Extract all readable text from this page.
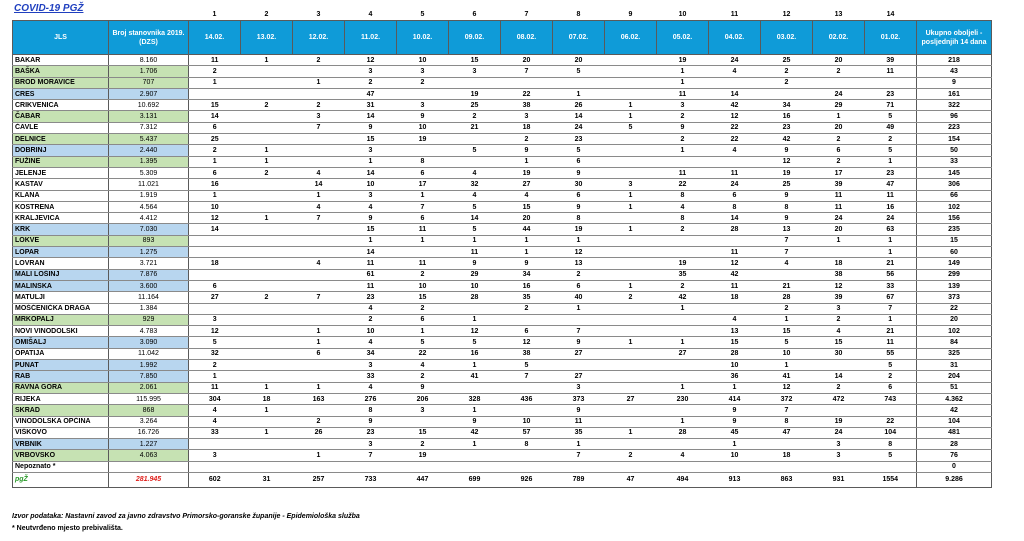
COVID-19 PGŽ
		1	2	3	4	5	6	7	8	9	10	11	12	13	14	
JLS	Broj stanovnika 2019. (DZS)	14.02.	13.02.	12.02.	11.02.	10.02.	09.02.	08.02.	07.02.	06.02.	05.02.	04.02.	03.02.	02.02.	01.02.	Ukupno oboljeli - posljednjih 14 dana
BAKAR	8.160	11	1	2	12	10	15	20	20		19	24	25	20	39	218
BAŠKA	1.706	2			3	3	3	7	5		1	4	2	2	11	43
BROD MORAVICE	707	1		1	2	2					1		2			9
CRES	2.907				47		19	22	1		11	14		24	23	161
CRIKVENICA	10.692	15	2	2	31	3	25	38	26	1	3	42	34	29	71	322
ČABAR	3.131	14		3	14	9	2	3	14	1	2	12	16	1	5	96
ČAVLE	7.312	6		7	9	10	21	18	24	5	9	22	23	20	49	223
DELNICE	5.437	25			15	19		2	23		2	22	42	2	2	154
DOBRINJ	2.440	2	1		3		5	9	5		1	4	9	6	5	50
FUŽINE	1.395	1	1		1	8		1	6				12	2	1	33
JELENJE	5.309	6	2	4	14	6	4	19	9		11	11	19	17	23	145
KASTAV	11.021	16		14	10	17	32	27	30	3	22	24	25	39	47	306
KLANA	1.919	1		1	3	1	4	4	6	1	8	6	9	11	11	66
KOSTRENA	4.564	10		4	4	7	5	15	9	1	4	8	8	11	16	102
KRALJEVICA	4.412	12	1	7	9	6	14	20	8		8	14	9	24	24	156
KRK	7.030	14			15	11	5	44	19	1	2	28	13	20	63	235
LOKVE	893				1	1	1	1	1				7	1	1	15
LOPAR	1.275				14		11	1	12			11	7		1	60
LOVRAN	3.721	18		4	11	11	9	9	13		19	12	4	18	21	149
MALI LOŠINJ	7.876				61	2	29	34	2		35	42		38	56	299
MALINSKA	3.600	6			11	10	10	16	6	1	2	11	21	12	33	139
MATULJI	11.164	27	2	7	23	15	28	35	40	2	42	18	28	39	67	373
MOŠĆENIČKA DRAGA	1.384				4	2		2	1		1		2	3	7	22
MRKOPALJ	929	3			2	6	1					4	1	2	1	20
NOVI VINODOLSKI	4.783	12		1	10	1	12	6	7			13	15	4	21	102
OMIŠALJ	3.090	5		1	4	5	5	12	9	1	1	15	5	15	11	84
OPATIJA	11.042	32		6	34	22	16	38	27		27	28	10	30	55	325
PUNAT	1.992	2			3	4	1	5				10	1		5	31
RAB	7.850	1			33	2	41	7	27			36	41	14	2	204
RAVNA GORA	2.061	11	1	1	4	9			3		1	1	12	2	6	51
RIJEKA	115.995	304	18	163	276	206	328	436	373	27	230	414	372	472	743	4.362
SKRAD	868	4	1		8	3	1		9			9	7			42
VINODOLSKA OPĆINA	3.264	4		2	9		9	10	11		1	9	8	19	22	104
VIŠKOVO	16.726	33	1	26	23	15	42	57	35	1	28	45	47	24	104	481
VRBNIK	1.227				3	2	1	8	1			1		3	8	28
VRBOVSKO	4.063	3		1	7	19			7	2	4	10	18	3	5	76
Nepoznato *																0
pgŽ	281.945	602	31	257	733	447	699	926	789	47	494	913	863	931	1554	9.286
Izvor podataka: Nastavni zavod za javno zdravstvo Primorsko-goranske županije - Epidemiološka služba
* Neutvrđeno mjesto prebivališta.
